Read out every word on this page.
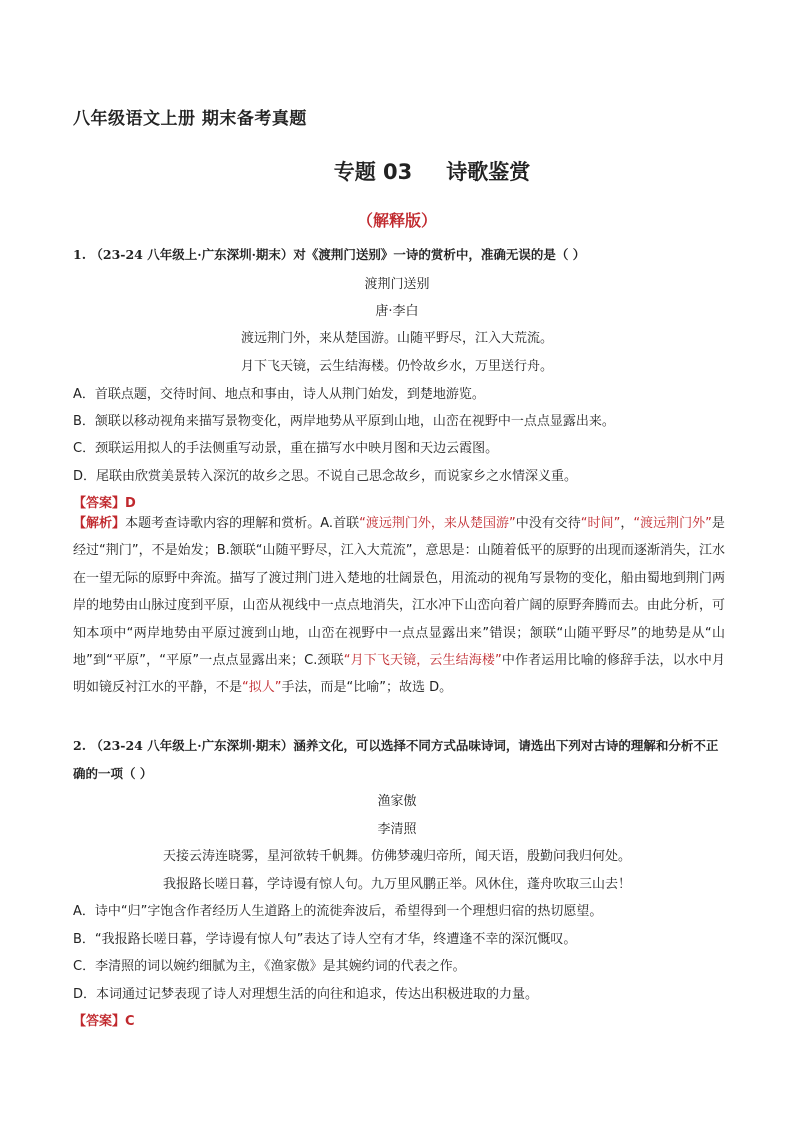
八年级语文上册 期末备考真题
专题 03 诗歌鉴赏
（解释版）
1. （23-24 八年级上·广东深圳·期末）对《渡荆门送别》一诗的赏析中，准确无误的是（ ）
渡荆门送别
唐·李白
渡远荆门外，来从楚国游。山随平野尽，江入大荒流。
月下飞天镜，云生结海楼。仍怜故乡水，万里送行舟。
A．首联点题，交待时间、地点和事由，诗人从荆门始发，到楚地游览。
B．颔联以移动视角来描写景物变化，两岸地势从平原到山地，山峦在视野中一点点显露出来。
C．颈联运用拟人的手法侧重写动景，重在描写水中映月图和天边云霞图。
D．尾联由欣赏美景转入深沉的故乡之思。不说自己思念故乡，而说家乡之水情深义重。
【答案】D
【解析】本题考查诗歌内容的理解和赏析。A.首联“渡远荆门外，来从楚国游”中没有交待“时间”，“渡远荆门外”是经过“荆门”，不是始发；B.颔联“山随平野尽，江入大荒流”，意思是：山随着低平的原野的出现而逐渐消失，江水在一望无际的原野中奔流。描写了渡过荆门进入楚地的壮阔景色，用流动的视角写景物的变化，船由蜀地到荆门两岸的地势由山脉过度到平原，山峦从视线中一点点地消失，江水冲下山峦向着广阔的原野奔腾而去。由此分析，可知本项中“两岸地势由平原过渡到山地，山峦在视野中一点点显露出来”错误；颔联“山随平野尽”的地势是从“山地”到“平原”，“平原”一点点显露出来；C.颈联“月下飞天镜，云生结海楼”中作者运用比喻的修辞手法，以水中月明如镜反衬江水的平静，不是“拟人”手法，而是“比喻”；故选 D。
2. （23-24 八年级上·广东深圳·期末）涵养文化，可以选择不同方式品味诗词，请选出下列对古诗的理解和分析不正确的一项（ ）
渔家傲
李清照
天接云涛连晓雾，星河欲转千帆舞。仿佛梦魂归帝所，闻天语，殷勤问我归何处。
我报路长嗟日暮，学诗谩有惊人句。九万里风鹏正举。风休住，蓬舟吹取三山去！
A．诗中“归”字饱含作者经历人生道路上的流徙奔波后，希望得到一个理想归宿的热切愿望。
B．“我报路长嗟日暮，学诗谩有惊人句”表达了诗人空有才华，终遭逢不幸的深沉慨叹。
C．李清照的词以婉约细腻为主，《渔家傲》是其婉约词的代表之作。
D．本词通过记梦表现了诗人对理想生活的向往和追求，传达出积极进取的力量。
【答案】C
